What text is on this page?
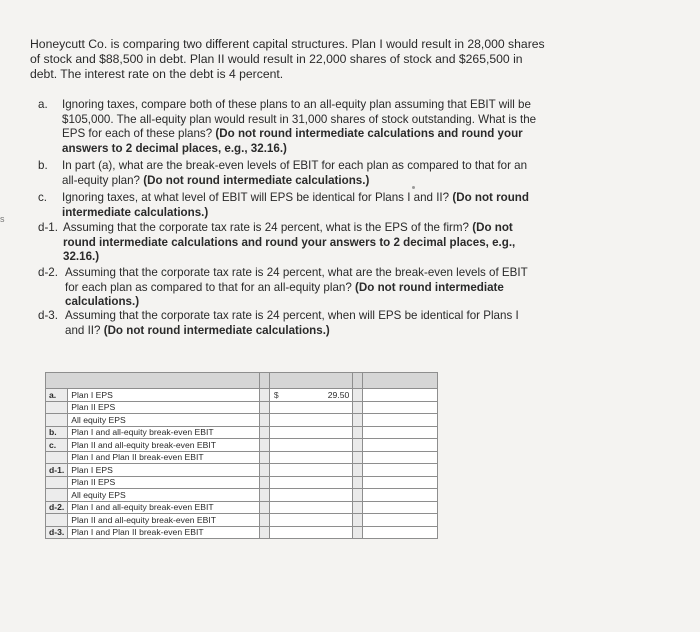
s
Honeycutt Co. is comparing two different capital structures. Plan I would result in 28,000 shares of stock and $88,500 in debt. Plan II would result in 22,000 shares of stock and $265,500 in debt. The interest rate on the debt is 4 percent.
a. Ignoring taxes, compare both of these plans to an all-equity plan assuming that EBIT will be $105,000. The all-equity plan would result in 31,000 shares of stock outstanding. What is the EPS for each of these plans? (Do not round intermediate calculations and round your answers to 2 decimal places, e.g., 32.16.)
b. In part (a), what are the break-even levels of EBIT for each plan as compared to that for an all-equity plan? (Do not round intermediate calculations.)
c. Ignoring taxes, at what level of EBIT will EPS be identical for Plans I and II? (Do not round intermediate calculations.)
d-1. Assuming that the corporate tax rate is 24 percent, what is the EPS of the firm? (Do not round intermediate calculations and round your answers to 2 decimal places, e.g., 32.16.)
d-2. Assuming that the corporate tax rate is 24 percent, what are the break-even levels of EBIT for each plan as compared to that for an all-equity plan? (Do not round intermediate calculations.)
d-3. Assuming that the corporate tax rate is 24 percent, when will EPS be identical for Plans I and II? (Do not round intermediate calculations.)

a.	Plan I EPS		$	29.50		
	Plan II EPS					
	All equity EPS					
b.	Plan I and all-equity break-even EBIT					
c.	Plan II and all-equity break-even EBIT					
	Plan I and Plan II break-even EBIT					
d-1.	Plan I EPS					
	Plan II EPS					
	All equity EPS					
d-2.	Plan I and all-equity break-even EBIT					
	Plan II and all-equity break-even EBIT					
d-3.	Plan I and Plan II break-even EBIT					
